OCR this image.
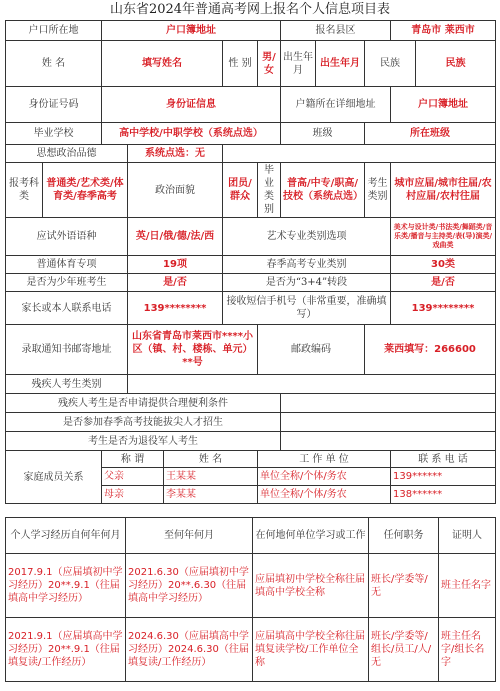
山东省2024年普通高考网上报名个人信息项目表
户口所在地		户口簿地址					报名县区			青岛市 莱西市	
姓 名		填写姓名			性 别	男/女	出生年月	出生年月	民族		民族
身份证号码		身份证信息					户籍所在详细地址			户口簿地址	
毕业学校		高中学校/中职学校（系统点选）					班级		所在班级		
思想政治品德			系统点选：无								
报考科类	普通类/艺术类/体育类/春季高考		政治面貌		团员/群众	毕业类别	普高/中专/职高/技校（系统点选）		考生类别	城市应届/城市往届/农村应届/农村往届	
应试外语语种			英/日/俄/德/法/西		艺术专业类别选项					美术与设计类/书法类/舞蹈类/音乐类/播音与主持类/表(导)演类/戏曲类	
普通体育专项			19项		春季高考专业类别					30类	
是否为少年班考生			是/否		是否为“3+4”转段					是/否	
家长或本人联系电话			139********		接收短信手机号（非常重要，准确填写）					139********	
录取通知书邮寄地址			山东省青岛市莱西市****小区（镇、村、楼栋、单元）**号			邮政编码			莱西填写：266600		
残疾人考生类别											
残疾人考生是否申请提供合理便利条件											
是否参加春季高考技能拔尖人才招生											
考生是否为退役军人考生											
家庭成员关系		称 谓		姓 名		工 作 单 位				联 系 电 话	
		父亲		王某某		单位全称/个体/务农				139******	
		母亲		李某某		单位全称/个体/务农				138******	
个人学习经历自何年何月	至何年何月	在何地何单位学习或工作	任何职务	证明人
2017.9.1（应届填初中学习经历）20**.9.1（往届填高中学习经历）	2021.6.30（应届填初中学习经历）20**.6.30（往届填高中学习经历）	应届填初中学校全称往届填高中学校全称	班长/学委等/无	班主任名字
2021.9.1（应届填高中学习经历）20**.9.1（往届填复读/工作经历）	2024.6.30（应届填高中学习经历）2024.6.30（往届填复读/工作经历）	应届填高中学校全称往届填复读学校/工作单位全称	班长/学委等/组长/员工/人/无	班主任名字/组长名字
